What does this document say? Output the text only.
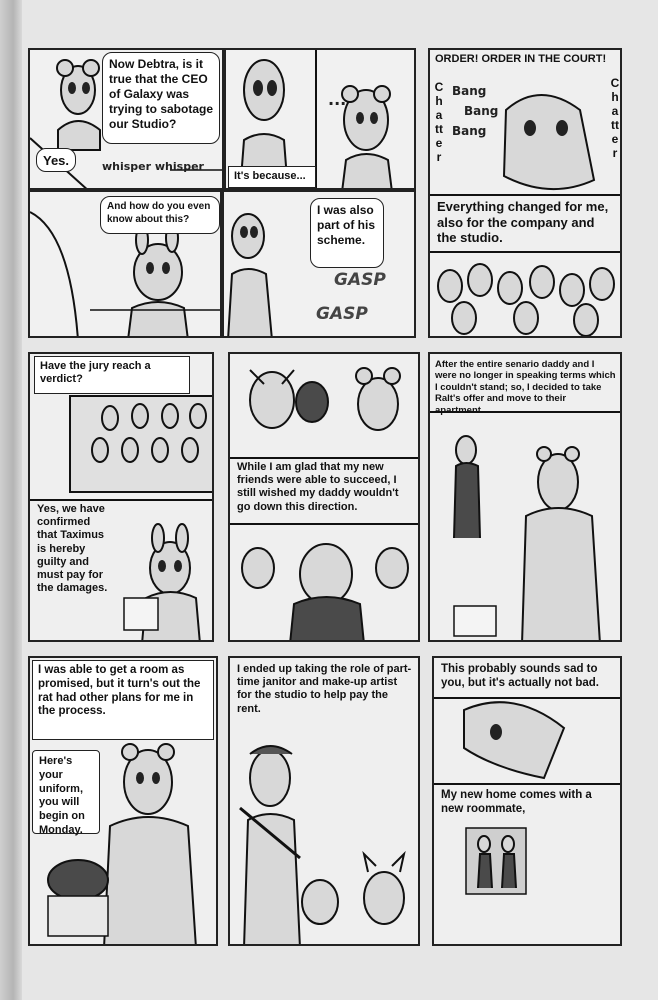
Now Debtra, is it true that the CEO of Galaxy was trying to sabotage our Studio?
Yes.	whisper whisper
...
It's because...
And how do you even know about this?
I was also part of his scheme.
GASP
GASP
ORDER! ORDER IN THE COURT!
Bang
Bang
Bang
Chatter
Chatter
Everything changed for me, also for the company and the studio.
Have the jury reach a verdict?
Yes, we have confirmed that Taximus is hereby guilty and must pay for the damages.
While I am glad that my new friends were able to succeed, I still wished my daddy wouldn't go down this direction.
After the entire senario daddy and I were no longer in speaking terms which I couldn't stand; so, I decided to take Ralt's offer and move to their apartment.
I was able to get a room as promised, but it turn's out the rat had other plans for me in the process.
Here's your uniform, you will begin on Monday.
I ended up taking the role of part-time janitor and make-up artist for the studio to help pay the rent.
This probably sounds sad to you, but it's actually not bad.
My new home comes with a new roommate,
